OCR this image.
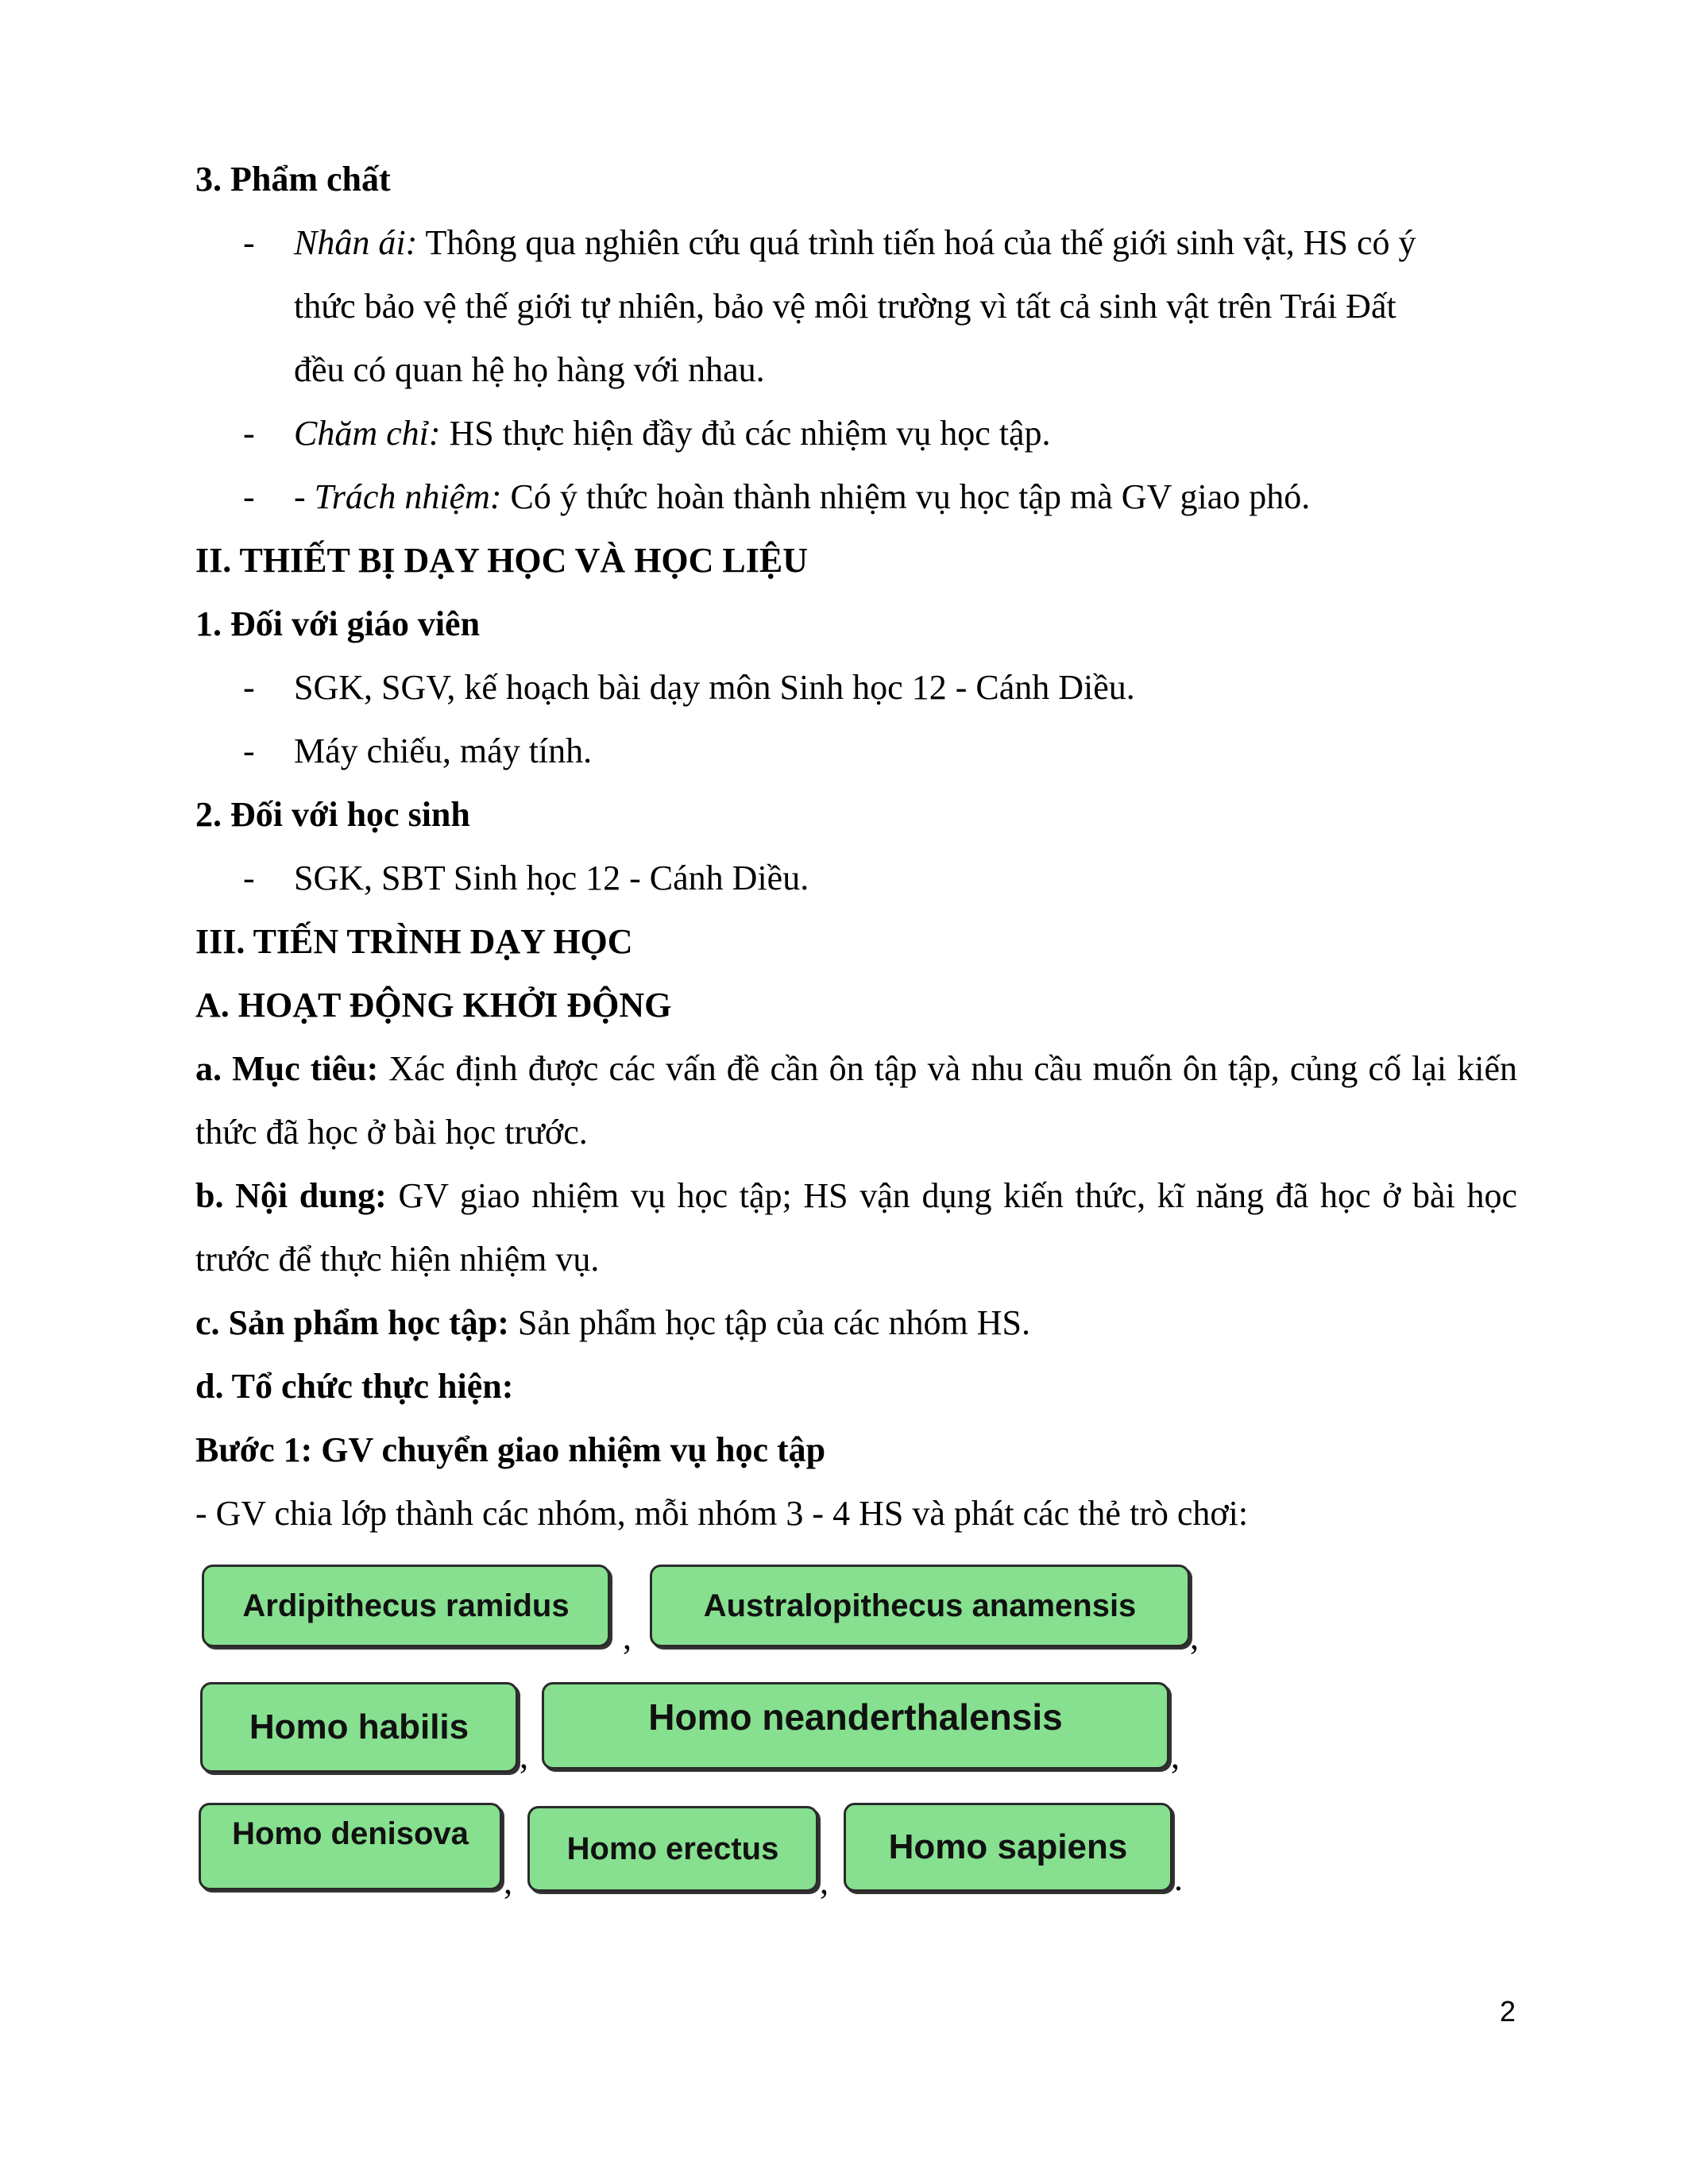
3. Phẩm chất
- Nhân ái: Thông qua nghiên cứu quá trình tiến hoá của thế giới sinh vật, HS có ý
thức bảo vệ thế giới tự nhiên, bảo vệ môi trường vì tất cả sinh vật trên Trái Đất
đều có quan hệ họ hàng với nhau.
- Chăm chỉ: HS thực hiện đầy đủ các nhiệm vụ học tập.
- - Trách nhiệm: Có ý thức hoàn thành nhiệm vụ học tập mà GV giao phó.
II. THIẾT BỊ DẠY HỌC VÀ HỌC LIỆU
1. Đối với giáo viên
- SGK, SGV, kế hoạch bài dạy môn Sinh học 12 - Cánh Diều.
- Máy chiếu, máy tính.
2. Đối với học sinh
- SGK, SBT Sinh học 12 - Cánh Diều.
III. TIẾN TRÌNH DẠY HỌC
A. HOẠT ĐỘNG KHỞI ĐỘNG
a. Mục tiêu: Xác định được các vấn đề cần ôn tập và nhu cầu muốn ôn tập, củng cố lại kiến thức đã học ở bài học trước.
b. Nội dung: GV giao nhiệm vụ học tập; HS vận dụng kiến thức, kĩ năng đã học ở bài học trước để thực hiện nhiệm vụ.
c. Sản phẩm học tập: Sản phẩm học tập của các nhóm HS.
d. Tổ chức thực hiện:
Bước 1: GV chuyển giao nhiệm vụ học tập
- GV chia lớp thành các nhóm, mỗi nhóm 3 - 4 HS và phát các thẻ trò chơi:
Ardipithecus ramidus
,
Australopithecus anamensis
,
Homo habilis
,
Homo neanderthalensis
,
Homo denisova
,
Homo erectus
,
Homo sapiens
.
2
